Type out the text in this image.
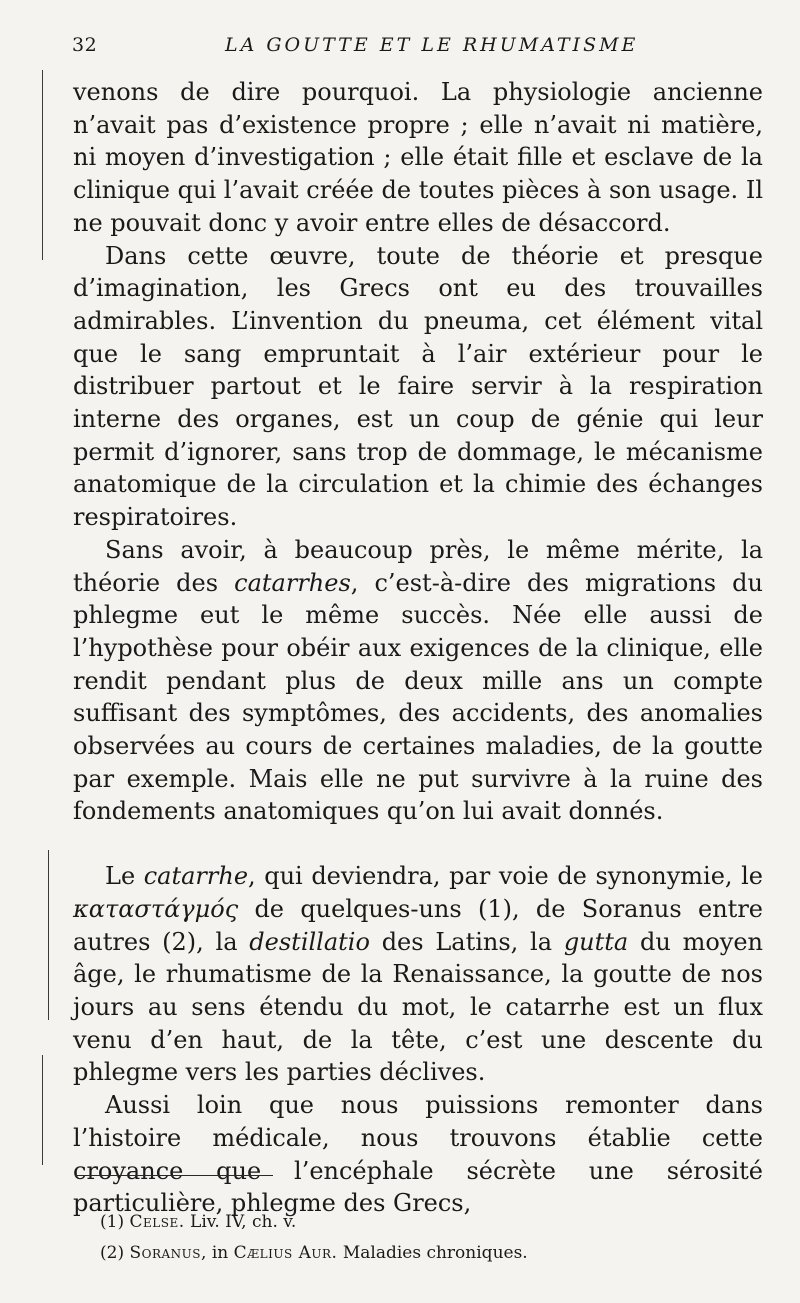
32	LA GOUTTE ET LE RHUMATISME

venons de dire pourquoi. La physiologie ancienne n’avait pas d’existence propre ; elle n’avait ni matière, ni moyen d’investigation ; elle était fille et esclave de la clinique qui l’avait créée de toutes pièces à son usage. Il ne pouvait donc y avoir entre elles de désaccord.

Dans cette œuvre, toute de théorie et presque d’imagination, les Grecs ont eu des trouvailles admirables. L’invention du pneuma, cet élément vital que le sang empruntait à l’air extérieur pour le distribuer partout et le faire servir à la respiration interne des organes, est un coup de génie qui leur permit d’ignorer, sans trop de dommage, le mécanisme anatomique de la circulation et la chimie des échanges respiratoires.

Sans avoir, à beaucoup près, le même mérite, la théorie des catarrhes, c’est-à-dire des migrations du phlegme eut le même succès. Née elle aussi de l’hypothèse pour obéir aux exigences de la clinique, elle rendit pendant plus de deux mille ans un compte suffisant des symptômes, des accidents, des anomalies observées au cours de certaines maladies, de la goutte par exemple. Mais elle ne put survivre à la ruine des fondements anatomiques qu’on lui avait donnés.

Le catarrhe, qui deviendra, par voie de synonymie, le καταστάγμός de quelques-uns (1), de Soranus entre autres (2), la destillatio des Latins, la gutta du moyen âge, le rhumatisme de la Renaissance, la goutte de nos jours au sens étendu du mot, le catarrhe est un flux venu d’en haut, de la tête, c’est une descente du phlegme vers les parties déclives.

Aussi loin que nous puissions remonter dans l’histoire médicale, nous trouvons établie cette croyance que l’encéphale sécrète une sérosité particulière, phlegme des Grecs,

(1) Celse. Liv. IV, ch. v.

(2) Soranus, in Cælius Aur. Maladies chroniques.
